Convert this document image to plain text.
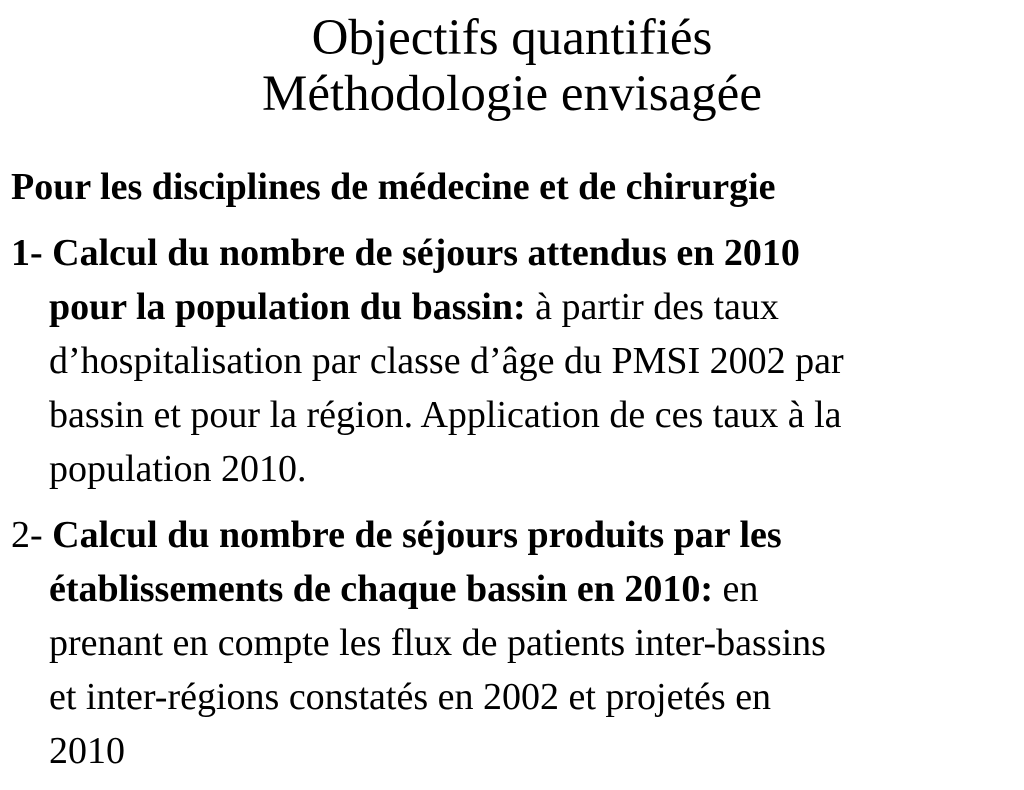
Objectifs quantifiés
Méthodologie envisagée
Pour les disciplines de médecine et de chirurgie
1- Calcul du nombre de séjours attendus en 2010
pour la population du bassin: à partir des taux
d’hospitalisation par classe d’âge du PMSI 2002 par
bassin et pour la région. Application de ces taux à la
population 2010.
2- Calcul du nombre de séjours produits par les
établissements de chaque bassin en 2010: en
prenant en compte les flux de patients inter-bassins
et inter-régions constatés en 2002 et projetés en
2010
